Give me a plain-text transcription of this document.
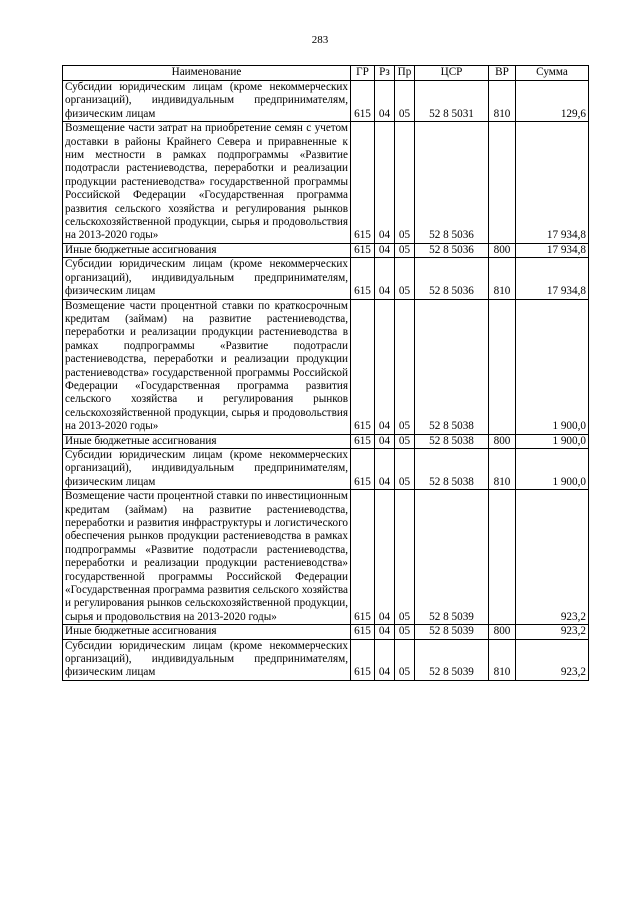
283
Наименование	ГР	Рз	Пр	ЦСР	ВР	Сумма
Субсидии юридическим лицам (кроме некоммерческих организаций), индивидуальным предпринимателям, физическим лицам	615	04	05	52 8 5031	810	129,6
Возмещение части затрат на приобретение семян с учетом доставки в районы Крайнего Севера и приравненные к ним местности в рамках подпрограммы «Развитие подотрасли растениеводства, переработки и реализации продукции растениеводства» государственной программы Российской Федерации «Государственная программа развития сельского хозяйства и регулирования рынков сельскохозяйственной продукции, сырья и продовольствия на 2013-2020 годы»	615	04	05	52 8 5036		17 934,8
Иные бюджетные ассигнования	615	04	05	52 8 5036	800	17 934,8
Субсидии юридическим лицам (кроме некоммерческих организаций), индивидуальным предпринимателям, физическим лицам	615	04	05	52 8 5036	810	17 934,8
Возмещение части процентной ставки по краткосрочным кредитам (займам) на развитие растениеводства, переработки и реализации продукции растениеводства в рамках подпрограммы «Развитие подотрасли растениеводства, переработки и реализации продукции растениеводства» государственной программы Российской Федерации «Государственная программа развития сельского хозяйства и регулирования рынков сельскохозяйственной продукции, сырья и продовольствия на 2013-2020 годы»	615	04	05	52 8 5038		1 900,0
Иные бюджетные ассигнования	615	04	05	52 8 5038	800	1 900,0
Субсидии юридическим лицам (кроме некоммерческих организаций), индивидуальным предпринимателям, физическим лицам	615	04	05	52 8 5038	810	1 900,0
Возмещение части процентной ставки по инвестиционным кредитам (займам) на развитие растениеводства, переработки и развития инфраструктуры и логистического обеспечения рынков продукции растениеводства в рамках подпрограммы «Развитие подотрасли растениеводства, переработки и реализации продукции растениеводства» государственной программы Российской Федерации «Государственная программа развития сельского хозяйства и регулирования рынков сельскохозяйственной продукции, сырья и продовольствия на 2013-2020 годы»	615	04	05	52 8 5039		923,2
Иные бюджетные ассигнования	615	04	05	52 8 5039	800	923,2
Субсидии юридическим лицам (кроме некоммерческих организаций), индивидуальным предпринимателям, физическим лицам	615	04	05	52 8 5039	810	923,2
